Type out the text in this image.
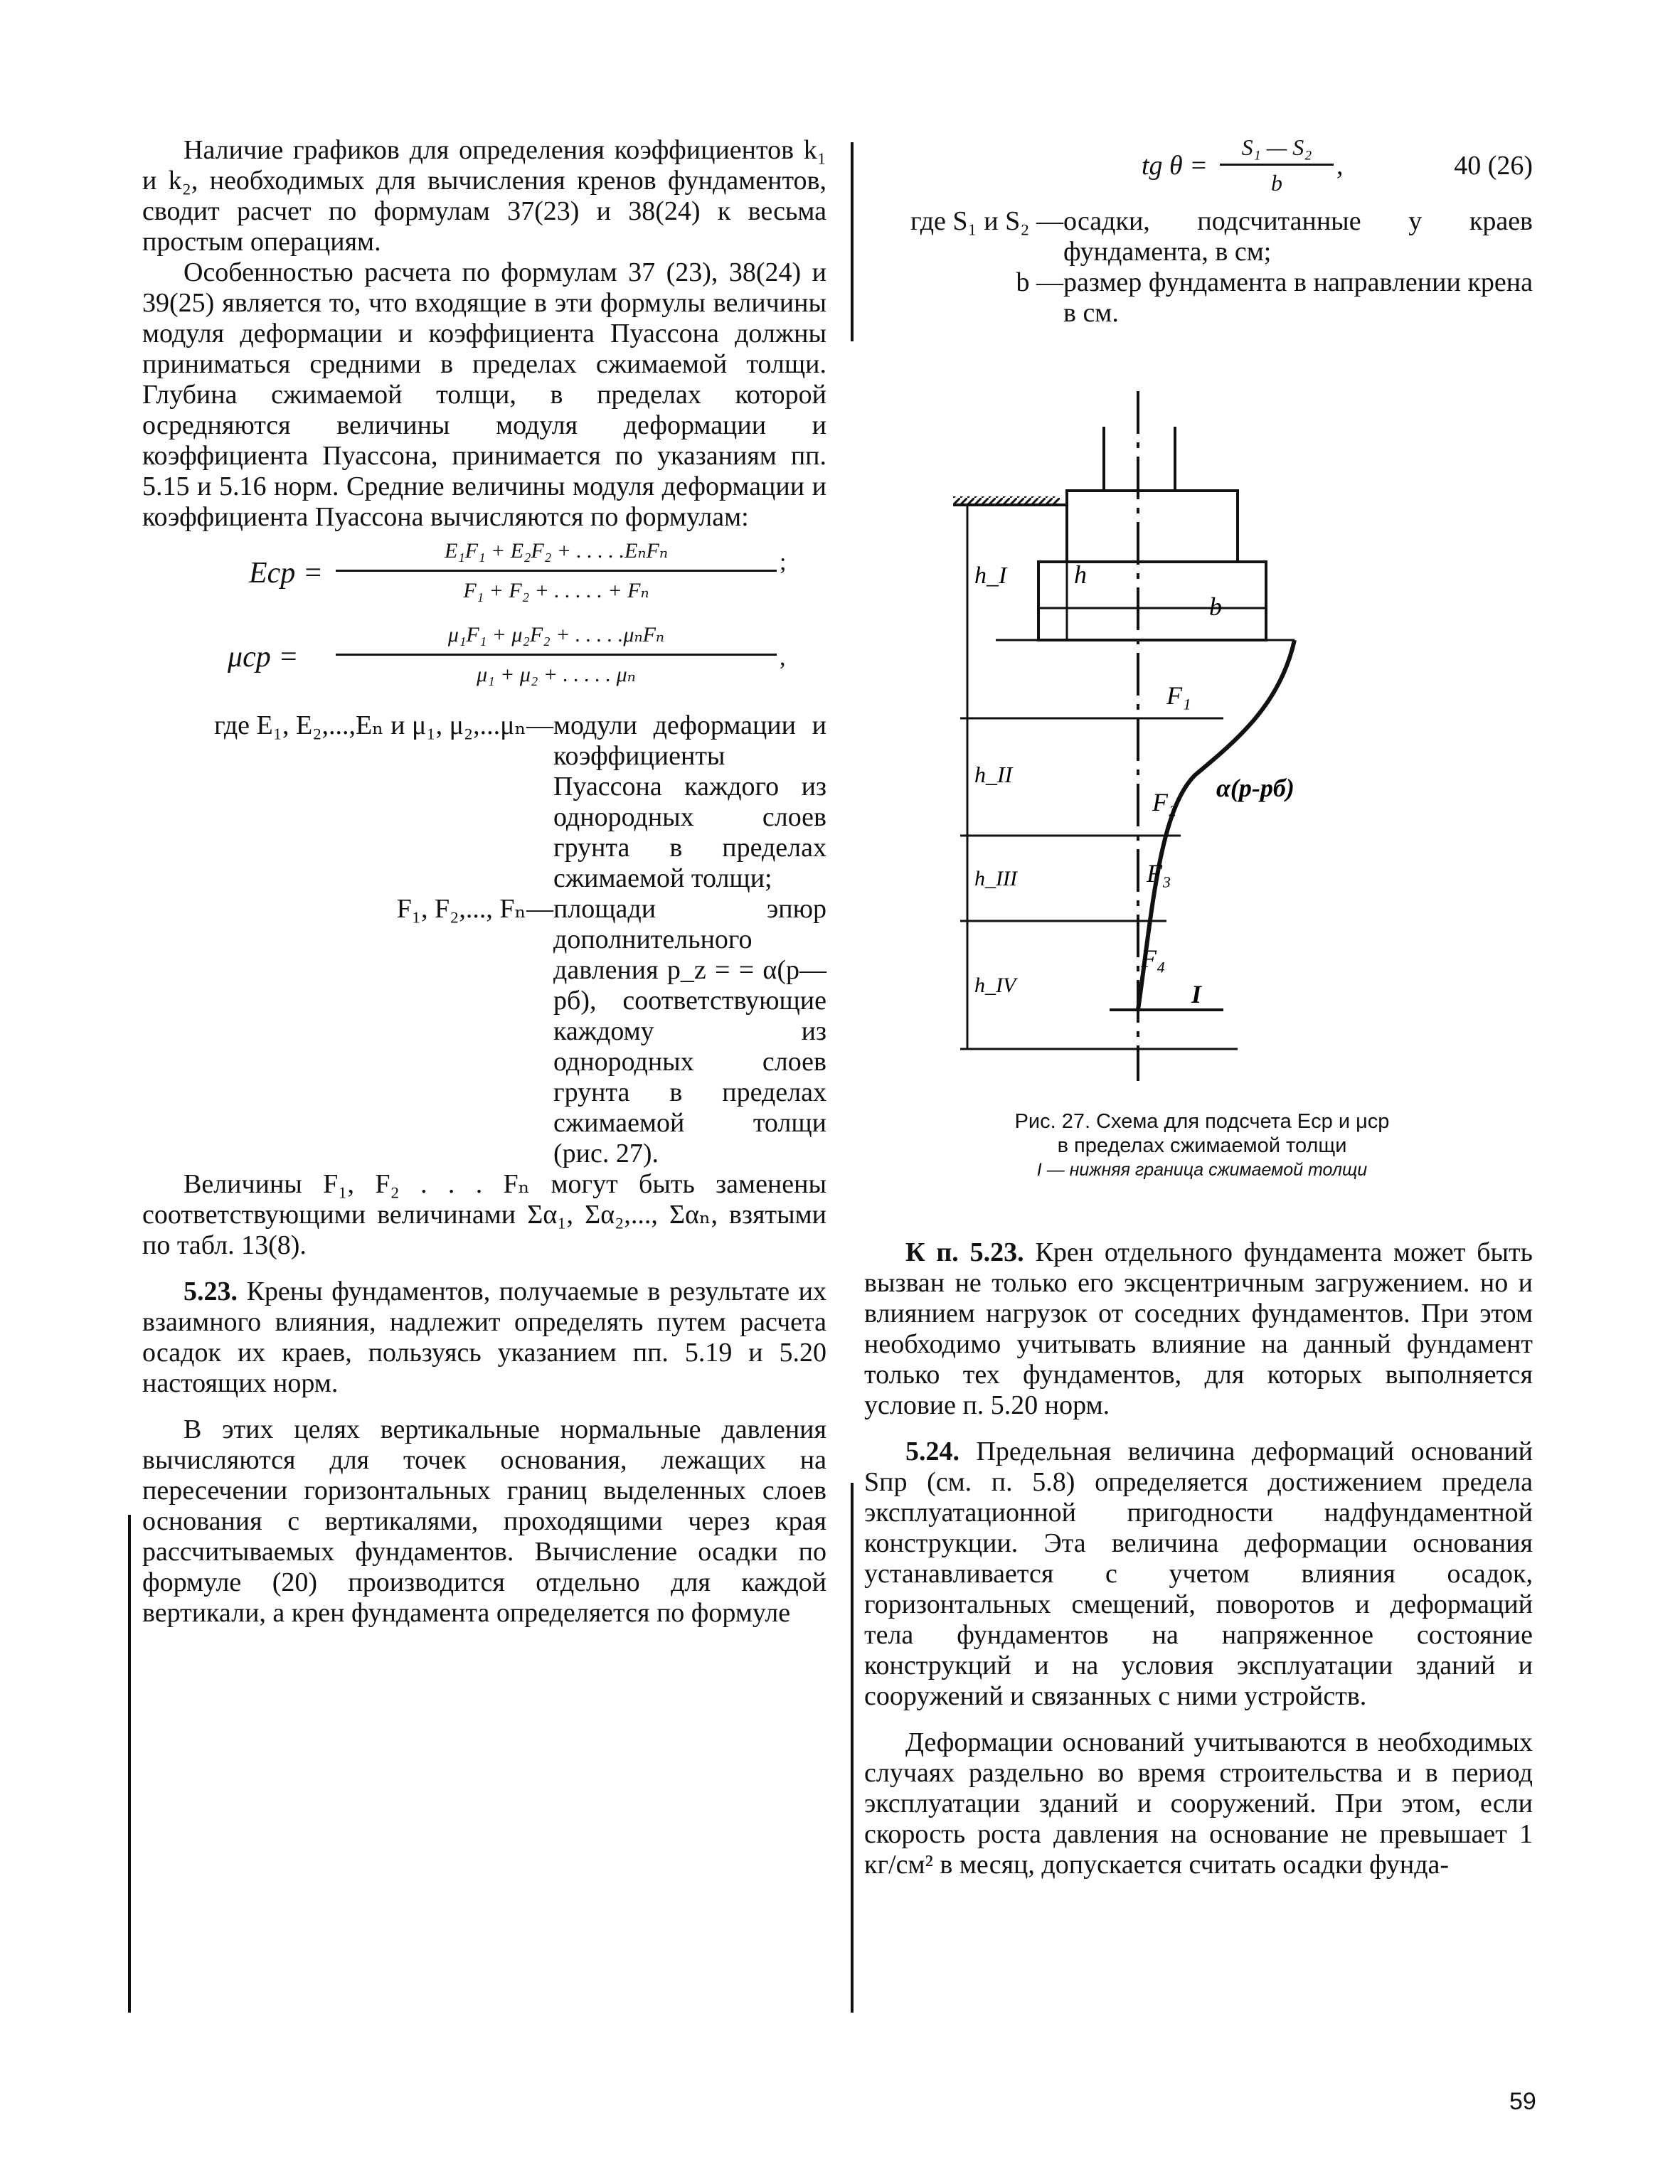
Наличие графиков для определения коэффициентов k₁ и k₂, необходимых для вычисления кренов фундаментов, сводит расчет по формулам 37(23) и 38(24) к весьма простым операциям.

Особенностью расчета по формулам 37 (23), 38(24) и 39(25) является то, что входящие в эти формулы величины модуля деформации и коэффициента Пуассона должны приниматься средними в пределах сжимаемой толщи. Глубина сжимаемой толщи, в пределах которой осредняются величины модуля деформации и коэффициента Пуассона, принимается по указаниям пп. 5.15 и 5.16 норм. Средние величины модуля деформации и коэффициента Пуассона вычисляются по формулам:

Eср =
E₁F₁ + E₂F₂ + . . . . .EₙFₙ
F₁ + F₂ + . . . . . + Fₙ
;
μср =
μ₁F₁ + μ₂F₂ + . . . . .μₙFₙ
μ₁ + μ₂ + . . . . . μₙ
,
где E₁, E₂,...,Eₙ и μ₁, μ₂,...μₙ— модули деформации и коэффициенты Пуассона каждого из однородных слоев грунта в пределах сжимаемой толщи;
F₁, F₂,..., Fₙ— площади эпюр дополнительного давления p_z = = α(p—pб), соответствующие каждому из однородных слоев грунта в пределах сжимаемой толщи (рис. 27).

Величины F₁, F₂ . . . Fₙ могут быть заменены соответствующими величинами Σα₁, Σα₂,..., Σαₙ, взятыми по табл. 13(8).

5.23. Крены фундаментов, получаемые в результате их взаимного влияния, надлежит определять путем расчета осадок их краев, пользуясь указанием пп. 5.19 и 5.20 настоящих норм.

В этих целях вертикальные нормальные давления вычисляются для точек основания, лежащих на пересечении горизонтальных границ выделенных слоев основания с вертикалями, проходящими через края рассчитываемых фундаментов. Вычисление осадки по формуле (20) производится отдельно для каждой вертикали, а крен фундамента определяется по формуле

tg θ =
S₁ — S₂
b
,	40 (26)
где S₁ и S₂ — осадки, подсчитанные у краев фундамента, в см;
b — размер фундамента в направлении крена в см.
h
h_I
h_II
h_III
h_IV
b
F₁
F₂
F₃
F₄
α(p-pб)
I
Рис. 27. Схема для подсчета Eср и μср
в пределах сжимаемой толщи
I — нижняя граница сжимаемой толщи

К п. 5.23. Крен отдельного фундамента может быть вызван не только его эксцентричным загружением. но и влиянием нагрузок от соседних фундаментов. При этом необходимо учитывать влияние на данный фундамент только тех фундаментов, для которых выполняется условие п. 5.20 норм.

5.24. Предельная величина деформаций оснований Sпр (см. п. 5.8) определяется достижением предела эксплуатационной пригодности надфундаментной конструкции. Эта величина деформации основания устанавливается с учетом влияния осадок, горизонтальных смещений, поворотов и деформаций тела фундаментов на напряженное состояние конструкций и на условия эксплуатации зданий и сооружений и связанных с ними устройств.

Деформации оснований учитываются в необходимых случаях раздельно во время строительства и в период эксплуатации зданий и сооружений. При этом, если скорость роста давления на основание не превышает 1 кг/см² в месяц, допускается считать осадки фунда-

59
